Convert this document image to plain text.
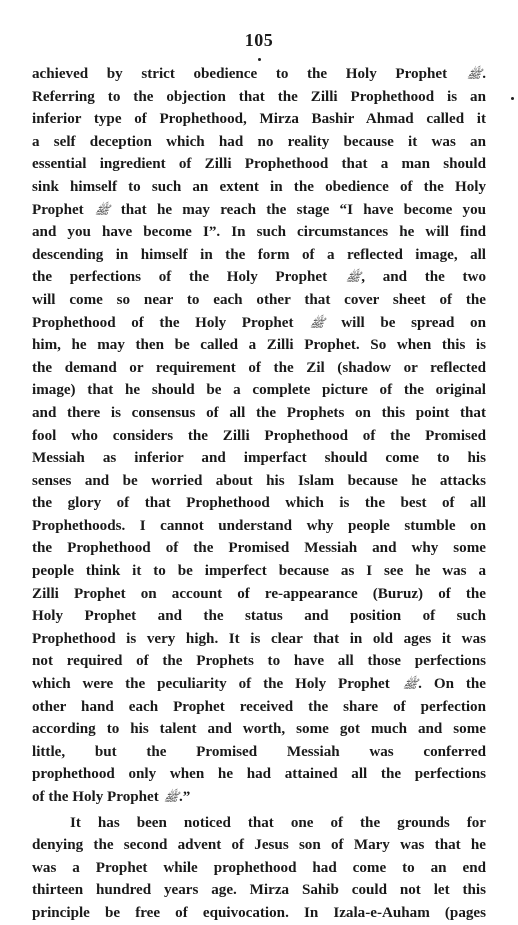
105
achieved by strict obedience to the Holy Prophet ﷺ.
Referring to the objection that the Zilli Prophethood is an
inferior type of Prophethood, Mirza Bashir Ahmad called it
a self deception which had no reality because it was an
essential ingredient of Zilli Prophethood that a man should
sink himself to such an extent in the obedience of the Holy
Prophet ﷺ that he may reach the stage “I have become you
and you have become I”. In such circumstances he will find
descending in himself in the form of a reflected image, all
the perfections of the Holy Prophet ﷺ, and the two
will come so near to each other that cover sheet of the
Prophethood of the Holy Prophet ﷺ will be spread on
him, he may then be called a Zilli Prophet. So when this is
the demand or requirement of the Zil (shadow or reflected
image) that he should be a complete picture of the original
and there is consensus of all the Prophets on this point that
fool who considers the Zilli Prophethood of the Promised
Messiah as inferior and imperfact should come to his
senses and be worried about his Islam because he attacks
the glory of that Prophethood which is the best of all
Prophethoods. I cannot understand why people stumble on
the Prophethood of the Promised Messiah and why some
people think it to be imperfect because as I see he was a
Zilli Prophet on account of re-appearance (Buruz) of the
Holy Prophet and the status and position of such
Prophethood is very high. It is clear that in old ages it was
not required of the Prophets to have all those perfections
which were the peculiarity of the Holy Prophet ﷺ. On the
other hand each Prophet received the share of perfection
according to his talent and worth, some got much and some
little, but the Promised Messiah was conferred
prophethood only when he had attained all the perfections
of the Holy Prophet ﷺ.”
It has been noticed that one of the grounds for
denying the second advent of Jesus son of Mary was that he
was a Prophet while prophethood had come to an end
thirteen hundred years age. Mirza Sahib could not let this
principle be free of equivocation. In Izala-e-Auham (pages
